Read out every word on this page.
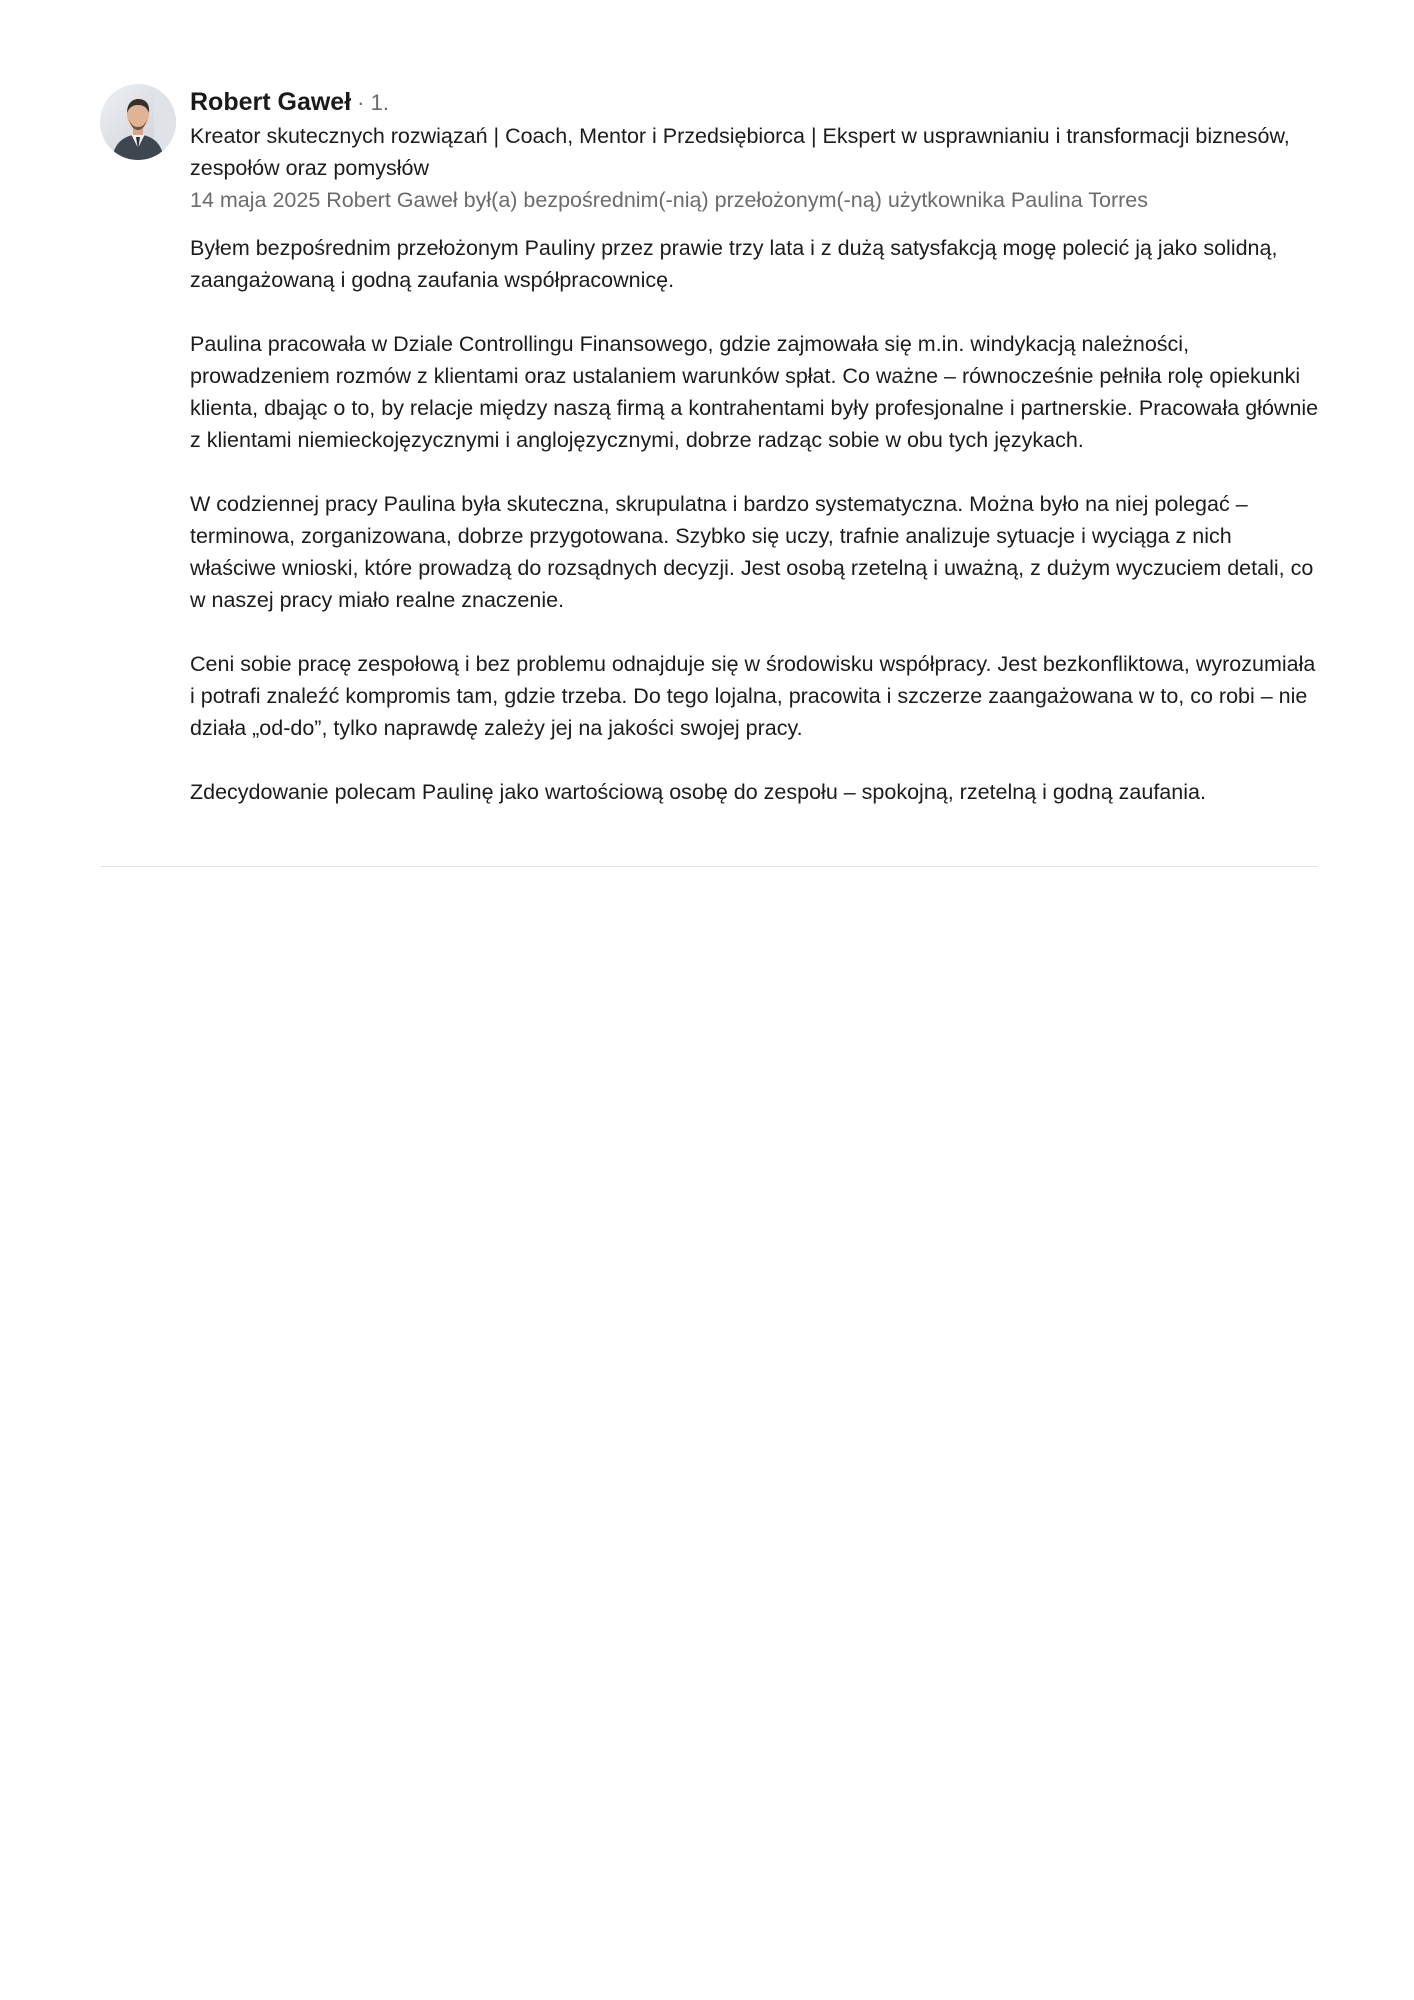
Robert Gaweł · 1.
Kreator skutecznych rozwiązań | Coach, Mentor i Przedsiębiorca | Ekspert w usprawnianiu i transformacji biznesów, zespołów oraz pomysłów
14 maja 2025 Robert Gaweł był(a) bezpośrednim(-nią) przełożonym(-ną) użytkownika Paulina Torres

Byłem bezpośrednim przełożonym Pauliny przez prawie trzy lata i z dużą satysfakcją mogę polecić ją jako solidną, zaangażowaną i godną zaufania współpracownicę.

Paulina pracowała w Dziale Controllingu Finansowego, gdzie zajmowała się m.in. windykacją należności, prowadzeniem rozmów z klientami oraz ustalaniem warunków spłat. Co ważne – równocześnie pełniła rolę opiekunki klienta, dbając o to, by relacje między naszą firmą a kontrahentami były profesjonalne i partnerskie. Pracowała głównie z klientami niemieckojęzycznymi i anglojęzycznymi, dobrze radząc sobie w obu tych językach.

W codziennej pracy Paulina była skuteczna, skrupulatna i bardzo systematyczna. Można było na niej polegać – terminowa, zorganizowana, dobrze przygotowana. Szybko się uczy, trafnie analizuje sytuacje i wyciąga z nich właściwe wnioski, które prowadzą do rozsądnych decyzji. Jest osobą rzetelną i uważną, z dużym wyczuciem detali, co w naszej pracy miało realne znaczenie.

Ceni sobie pracę zespołową i bez problemu odnajduje się w środowisku współpracy. Jest bezkonfliktowa, wyrozumiała i potrafi znaleźć kompromis tam, gdzie trzeba. Do tego lojalna, pracowita i szczerze zaangażowana w to, co robi – nie działa „od-do”, tylko naprawdę zależy jej na jakości swojej pracy.

Zdecydowanie polecam Paulinę jako wartościową osobę do zespołu – spokojną, rzetelną i godną zaufania.
